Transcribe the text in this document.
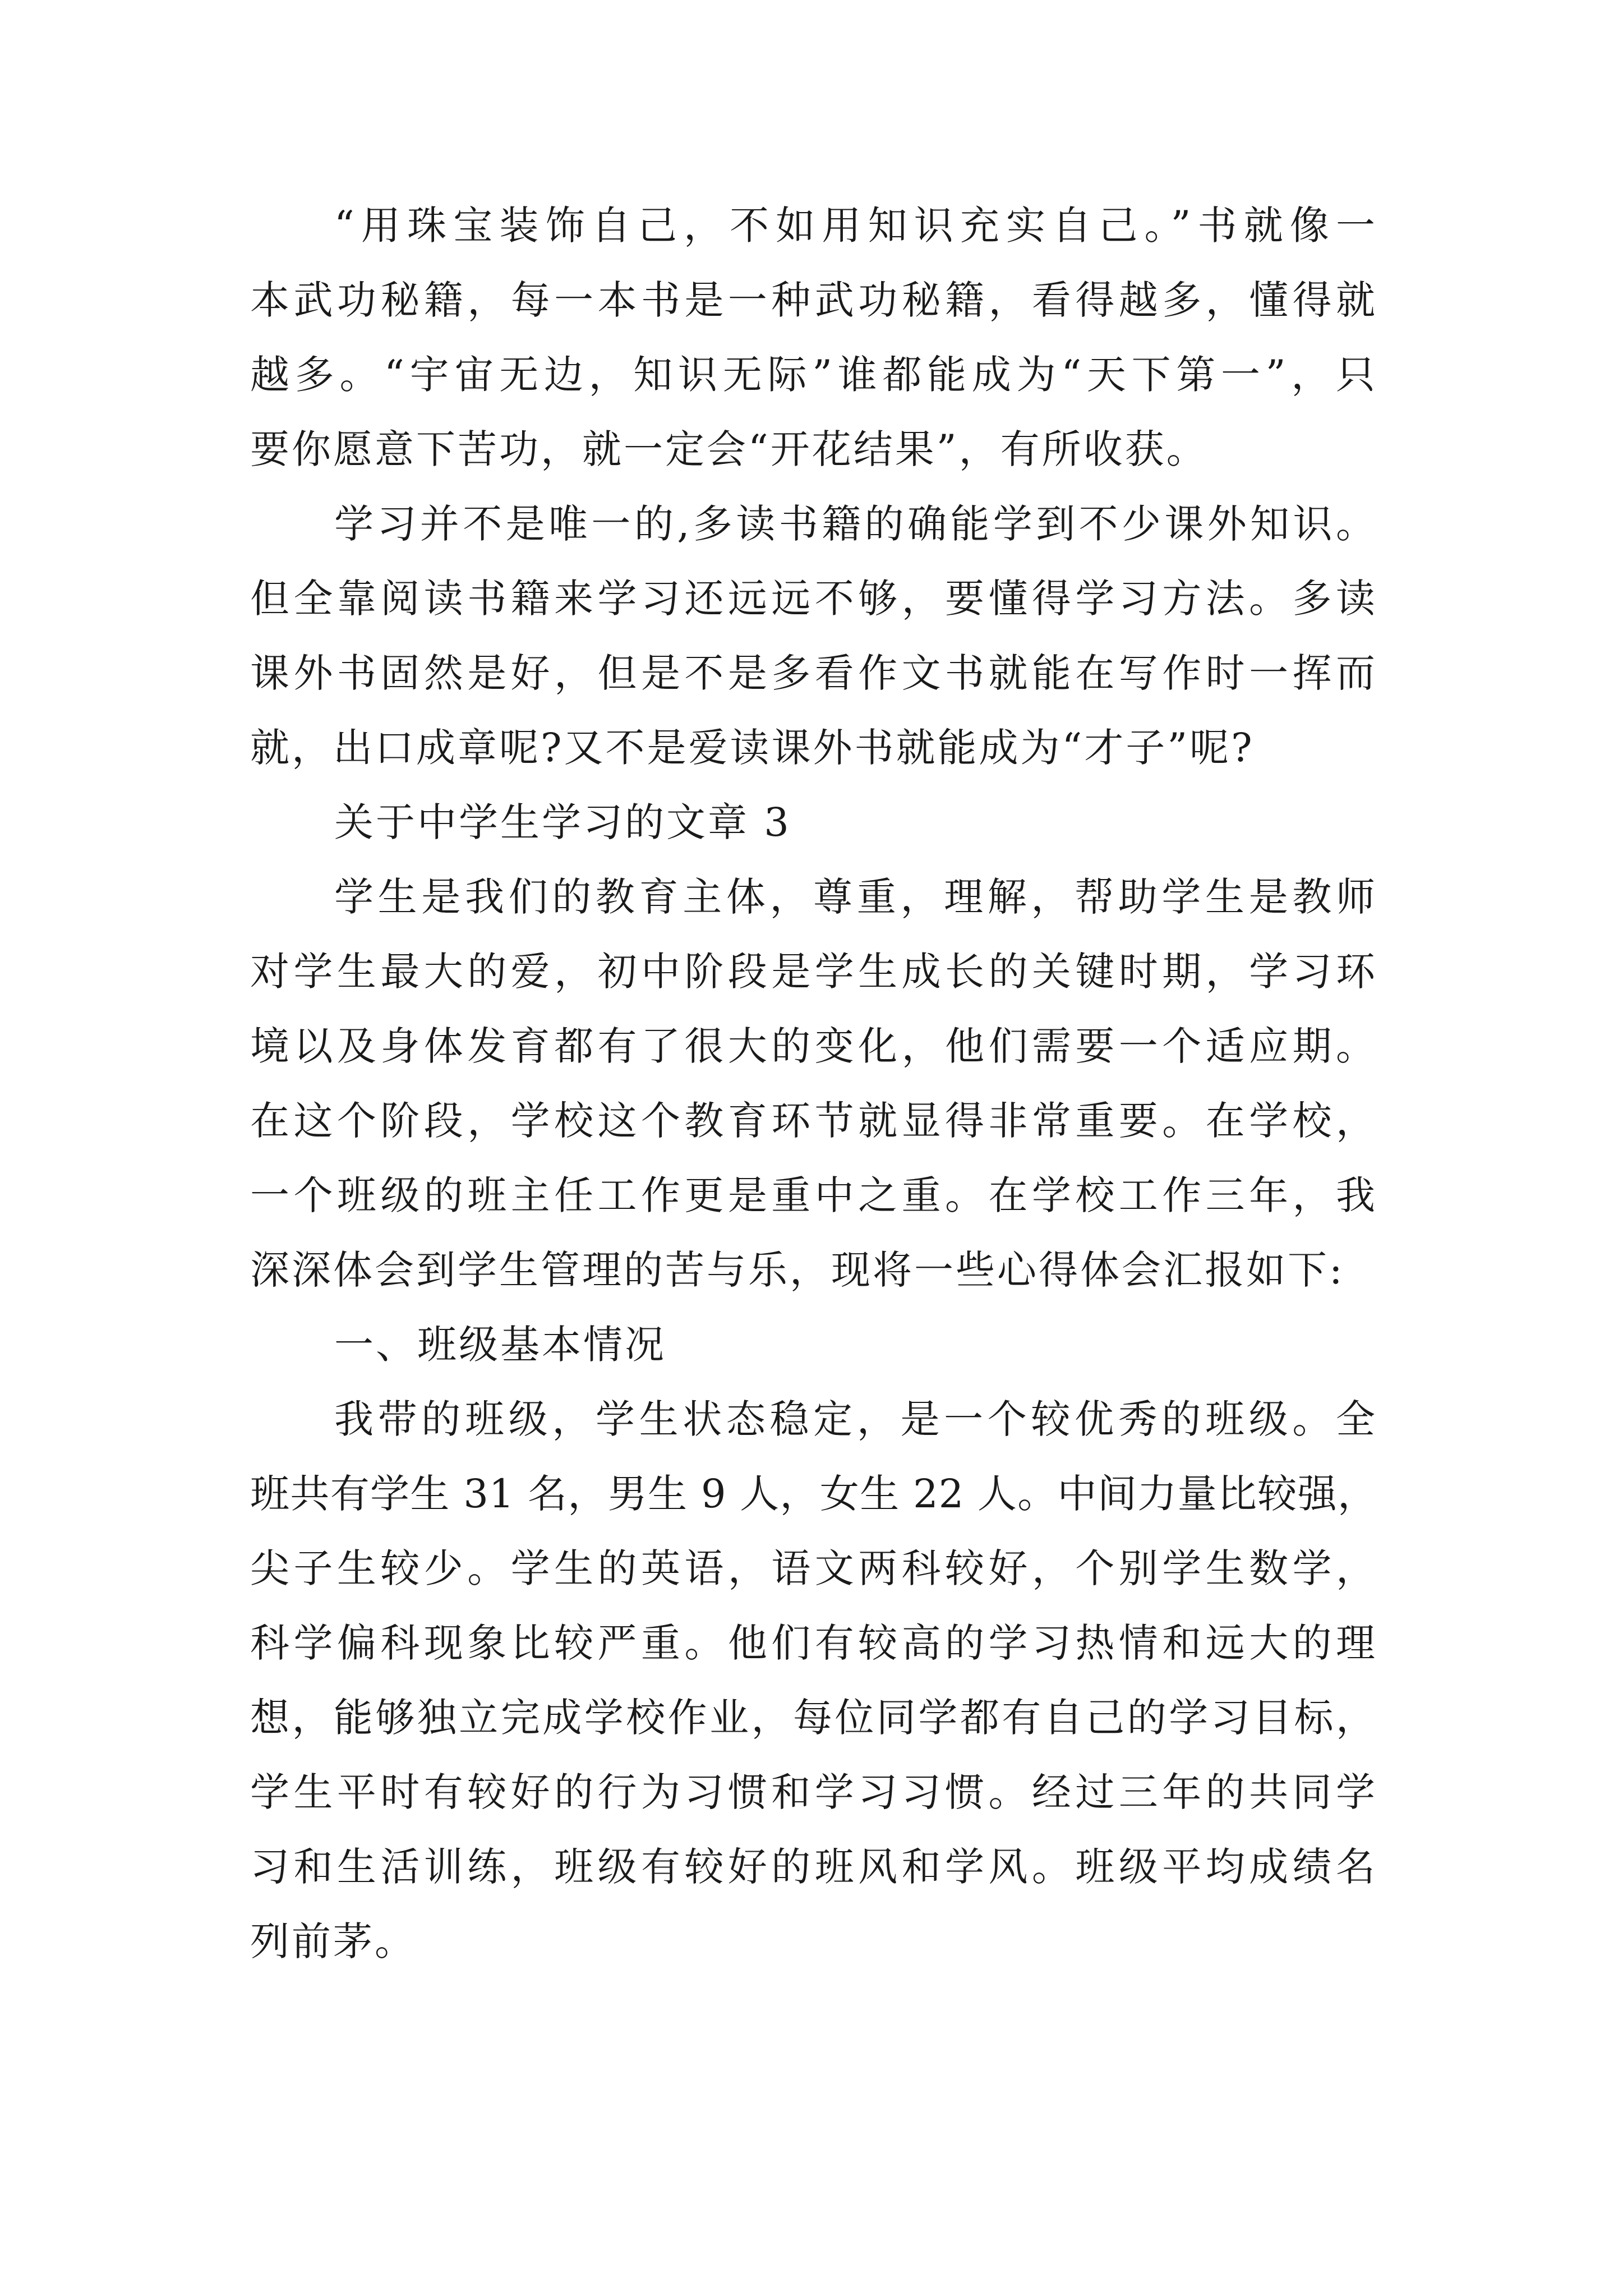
“用珠宝装饰自己，不如用知识充实自己。”书就像一
本武功秘籍，每一本书是一种武功秘籍，看得越多，懂得就
越多。“宇宙无边，知识无际”谁都能成为“天下第一”，只
要你愿意下苦功，就一定会“开花结果”，有所收获。
学习并不是唯一的,多读书籍的确能学到不少课外知识。
但全靠阅读书籍来学习还远远不够，要懂得学习方法。多读
课外书固然是好，但是不是多看作文书就能在写作时一挥而
就，出口成章呢?又不是爱读课外书就能成为“才子”呢?
关于中学生学习的文章 3
学生是我们的教育主体，尊重，理解，帮助学生是教师
对学生最大的爱，初中阶段是学生成长的关键时期，学习环
境以及身体发育都有了很大的变化，他们需要一个适应期。
在这个阶段，学校这个教育环节就显得非常重要。在学校，
一个班级的班主任工作更是重中之重。在学校工作三年，我
深深体会到学生管理的苦与乐，现将一些心得体会汇报如下:
一、班级基本情况
我带的班级，学生状态稳定，是一个较优秀的班级。全
班共有学生 31 名，男生 9 人，女生 22 人。中间力量比较强，
尖子生较少。学生的英语，语文两科较好，个别学生数学，
科学偏科现象比较严重。他们有较高的学习热情和远大的理
想，能够独立完成学校作业，每位同学都有自己的学习目标，
学生平时有较好的行为习惯和学习习惯。经过三年的共同学
习和生活训练，班级有较好的班风和学风。班级平均成绩名
列前茅。
